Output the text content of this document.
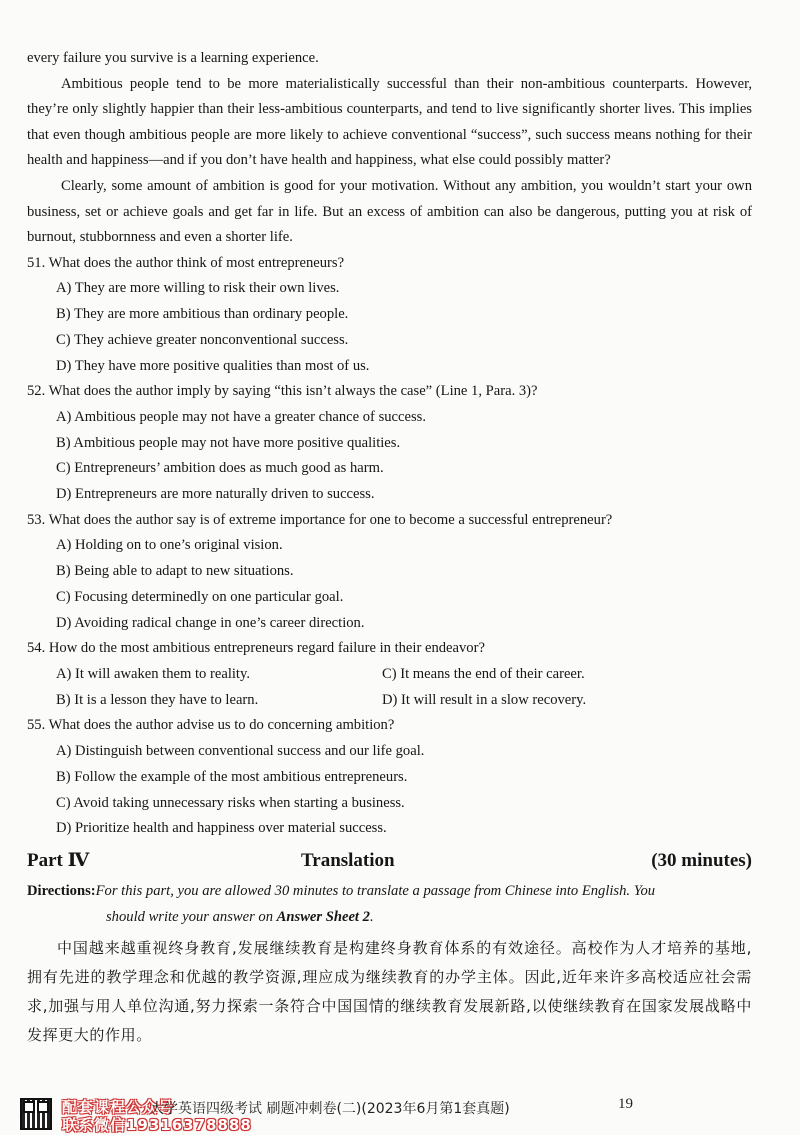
every failure you survive is a learning experience.

Ambitious people tend to be more materialistically successful than their non-ambitious counterparts. However, they’re only slightly happier than their less-ambitious counterparts, and tend to live significantly shorter lives. This implies that even though ambitious people are more likely to achieve conventional “success”, such success means nothing for their health and happiness—and if you don’t have health and happiness, what else could possibly matter?

Clearly, some amount of ambition is good for your motivation. Without any ambition, you wouldn’t start your own business, set or achieve goals and get far in life. But an excess of ambition can also be dangerous, putting you at risk of burnout, stubbornness and even a shorter life.

51. What does the author think of most entrepreneurs?

A) They are more willing to risk their own lives.

B) They are more ambitious than ordinary people.

C) They achieve greater nonconventional success.

D) They have more positive qualities than most of us.

52. What does the author imply by saying “this isn’t always the case” (Line 1, Para. 3)?

A) Ambitious people may not have a greater chance of success.

B) Ambitious people may not have more positive qualities.

C) Entrepreneurs’ ambition does as much good as harm.

D) Entrepreneurs are more naturally driven to success.

53. What does the author say is of extreme importance for one to become a successful entrepreneur?

A) Holding on to one’s original vision.

B) Being able to adapt to new situations.

C) Focusing determinedly on one particular goal.

D) Avoiding radical change in one’s career direction.

54. How do the most ambitious entrepreneurs regard failure in their endeavor?

A) It will awaken them to reality.	C) It means the end of their career.
B) It is a lesson they have to learn.	D) It will result in a slow recovery.

55. What does the author advise us to do concerning ambition?

A) Distinguish between conventional success and our life goal.

B) Follow the example of the most ambitious entrepreneurs.

C) Avoid taking unnecessary risks when starting a business.

D) Prioritize health and happiness over material success.

Part Ⅳ	Translation	(30 minutes)
Directions:For this part, you are allowed 30 minutes to translate a passage from Chinese into English. You
should write your answer on Answer Sheet 2.

中国越来越重视终身教育,发展继续教育是构建终身教育体系的有效途径。高校作为人才培养的基地,拥有先进的教学理念和优越的教学资源,理应成为继续教育的办学主体。因此,近年来许多高校适应社会需求,加强与用人单位沟通,努力探索一条符合中国国情的继续教育发展新路,以使继续教育在国家发展战略中发挥更大的作用。

配套课程公众号
联系微信19316378888
大学英语四级考试 刷题冲刺卷(二)(2023年6月第1套真题)	19
